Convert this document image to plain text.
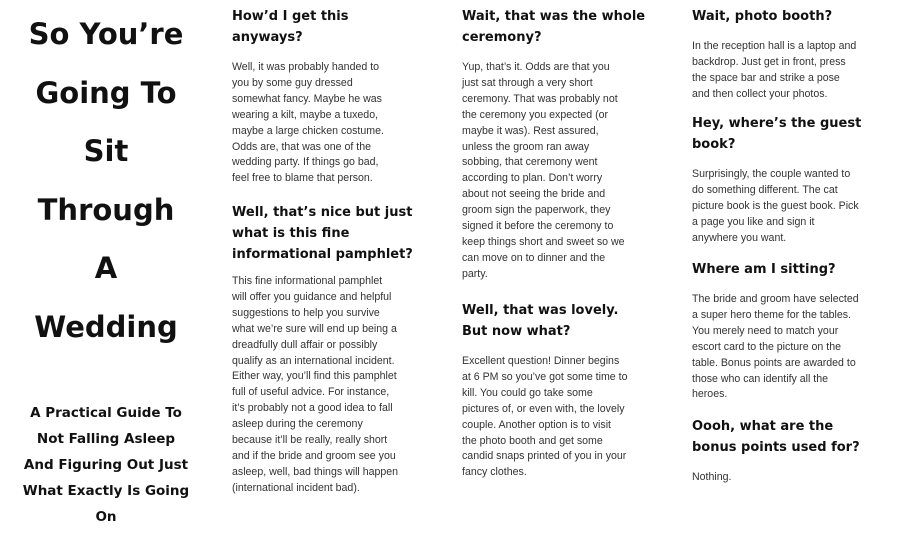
So You’re
Going To
Sit
Through
A
Wedding
A Practical Guide To
Not Falling Asleep
And Figuring Out Just
What Exactly Is Going
On
How’d I get this
anyways?

Well, it was probably handed to
you by some guy dressed
somewhat fancy. Maybe he was
wearing a kilt, maybe a tuxedo,
maybe a large chicken costume.
Odds are, that was one of the
wedding party. If things go bad,
feel free to blame that person.

Well, that’s nice but just
what is this fine
informational pamphlet?

This fine informational pamphlet
will offer you guidance and helpful
suggestions to help you survive
what we’re sure will end up being a
dreadfully dull affair or possibly
qualify as an international incident.
Either way, you’ll find this pamphlet
full of useful advice. For instance,
it’s probably not a good idea to fall
asleep during the ceremony
because it’ll be really, really short
and if the bride and groom see you
asleep, well, bad things will happen
(international incident bad).

Wait, that was the whole
ceremony?

Yup, that’s it. Odds are that you
just sat through a very short
ceremony. That was probably not
the ceremony you expected (or
maybe it was). Rest assured,
unless the groom ran away
sobbing, that ceremony went
according to plan. Don’t worry
about not seeing the bride and
groom sign the paperwork, they
signed it before the ceremony to
keep things short and sweet so we
can move on to dinner and the
party.

Well, that was lovely.
But now what?

Excellent question! Dinner begins
at 6 PM so you’ve got some time to
kill. You could go take some
pictures of, or even with, the lovely
couple. Another option is to visit
the photo booth and get some
candid snaps printed of you in your
fancy clothes.

Wait, photo booth?

In the reception hall is a laptop and
backdrop. Just get in front, press
the space bar and strike a pose
and then collect your photos.

Hey, where’s the guest
book?

Surprisingly, the couple wanted to
do something different. The cat
picture book is the guest book. Pick
a page you like and sign it
anywhere you want.

Where am I sitting?

The bride and groom have selected
a super hero theme for the tables.
You merely need to match your
escort card to the picture on the
table. Bonus points are awarded to
those who can identify all the
heroes.

Oooh, what are the
bonus points used for?

Nothing.
